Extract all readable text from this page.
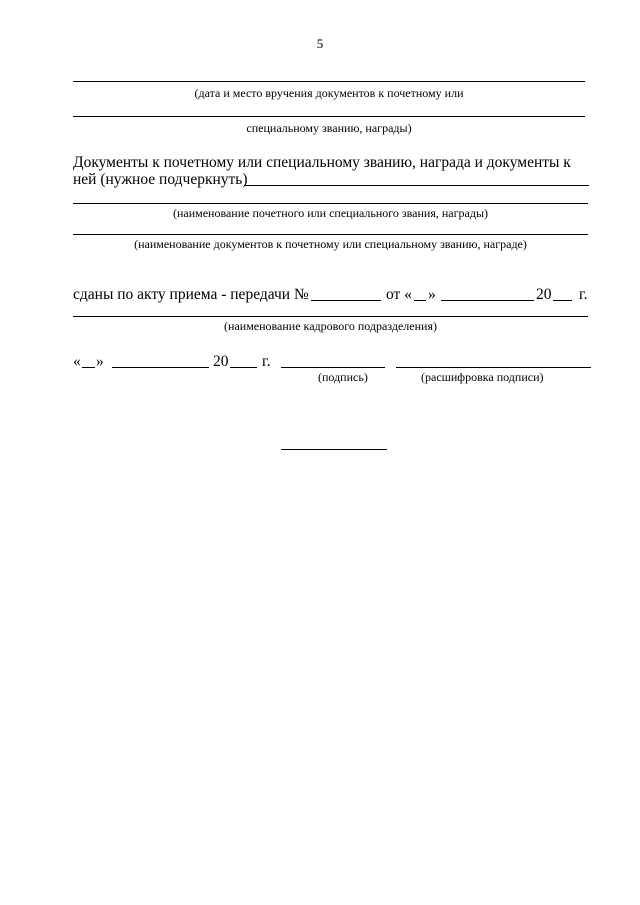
5
(дата и место вручения документов к почетному или
специальному званию, награды)
Документы к почетному или специальному званию, награда и документы к
ней (нужное подчеркнуть)
(наименование почетного или специального звания, награды)
(наименование документов к почетному или специальному званию, награде)
сданы по акту приема - передачи №	от « »	20 г.
(наименование кадрового подразделения)
« »	20 г.
(подпись)	(расшифровка подписи)
